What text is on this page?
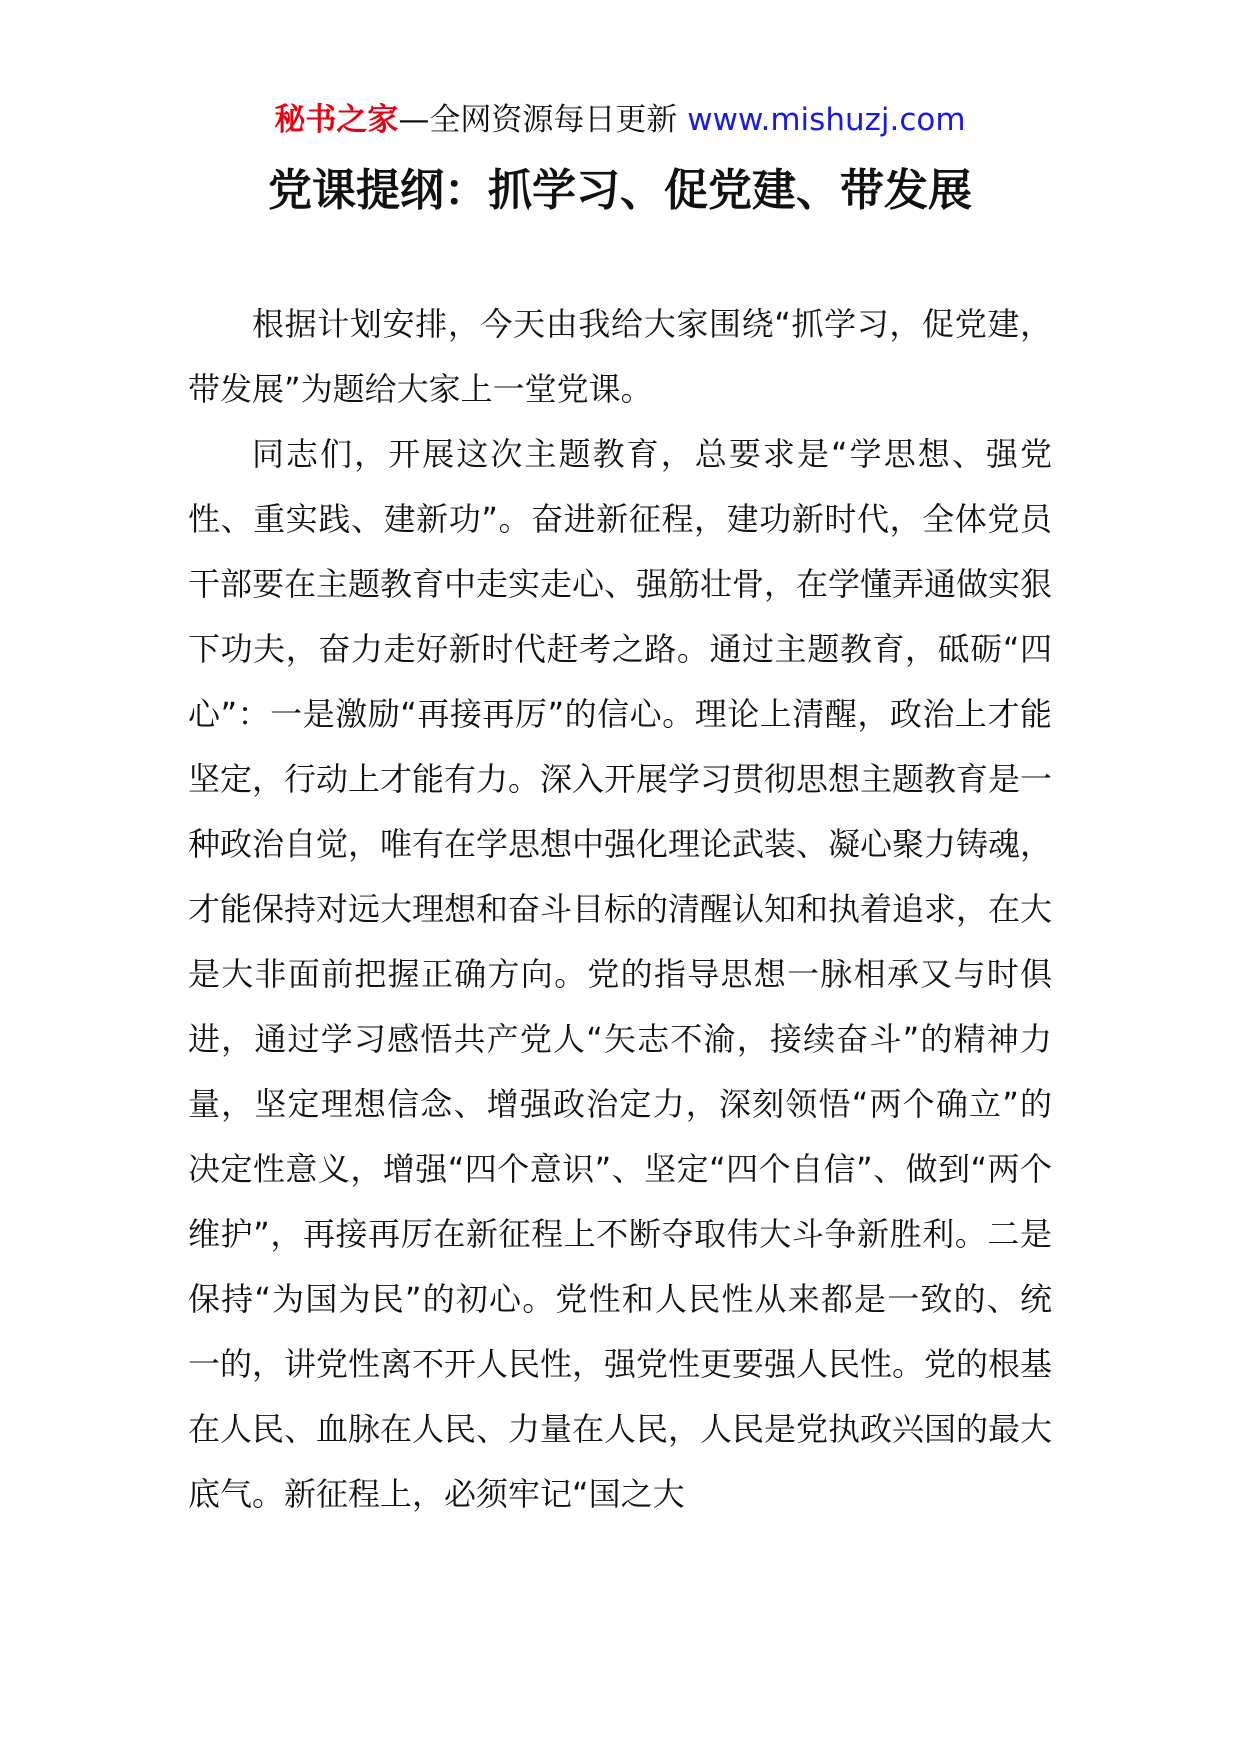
秘书之家—全网资源每日更新 www.mishuzj.com
党课提纲：抓学习、促党建、带发展

根据计划安排，今天由我给大家围绕“抓学习，促党建，带发展”为题给大家上一堂党课。

同志们，开展这次主题教育，总要求是“学思想、强党性、重实践、建新功”。奋进新征程，建功新时代，全体党员干部要在主题教育中走实走心、强筋壮骨，在学懂弄通做实狠下功夫，奋力走好新时代赶考之路。通过主题教育，砥砺“四心”：一是激励“再接再厉”的信心。理论上清醒，政治上才能坚定，行动上才能有力。深入开展学习贯彻思想主题教育是一种政治自觉，唯有在学思想中强化理论武装、凝心聚力铸魂，才能保持对远大理想和奋斗目标的清醒认知和执着追求，在大是大非面前把握正确方向。党的指导思想一脉相承又与时俱进，通过学习感悟共产党人“矢志不渝，接续奋斗”的精神力量，坚定理想信念、增强政治定力，深刻领悟“两个确立”的决定性意义，增强“四个意识”、坚定“四个自信”、做到“两个维护”，再接再厉在新征程上不断夺取伟大斗争新胜利。二是保持“为国为民”的初心。党性和人民性从来都是一致的、统一的，讲党性离不开人民性，强党性更要强人民性。党的根基在人民、血脉在人民、力量在人民，人民是党执政兴国的最大底气。新征程上，必须牢记“国之大
